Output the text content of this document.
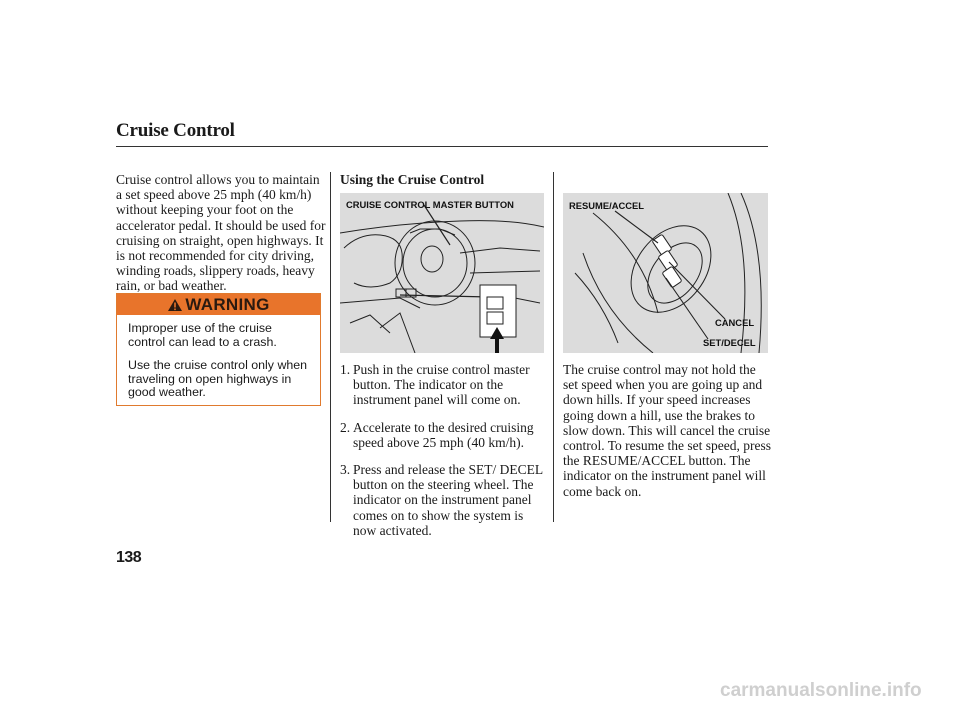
Cruise Control
Cruise control allows you to maintain a set speed above 25 mph (40 km/h) without keeping your foot on the accelerator pedal. It should be used for cruising on straight, open highways. It is not recommended for city driving, winding roads, slippery roads, heavy rain, or bad weather.
WARNING

Improper use of the cruise control can lead to a crash.

Use the cruise control only when traveling on open highways in good weather.

Using the Cruise Control
CRUISE CONTROL MASTER BUTTON	RESUME/ACCEL
CANCEL
SET/DECEL
1. Push in the cruise control master button. The indicator on the instrument panel will come on.
2. Accelerate to the desired cruising speed above 25 mph (40 km/h).
3. Press and release the SET/ DECEL button on the steering wheel. The indicator on the instrument panel comes on to show the system is now activated.
The cruise control may not hold the set speed when you are going up and down hills. If your speed increases going down a hill, use the brakes to slow down. This will cancel the cruise control. To resume the set speed, press the RESUME/ACCEL button. The indicator on the instrument panel will come back on.
138
carmanualsonline.info
